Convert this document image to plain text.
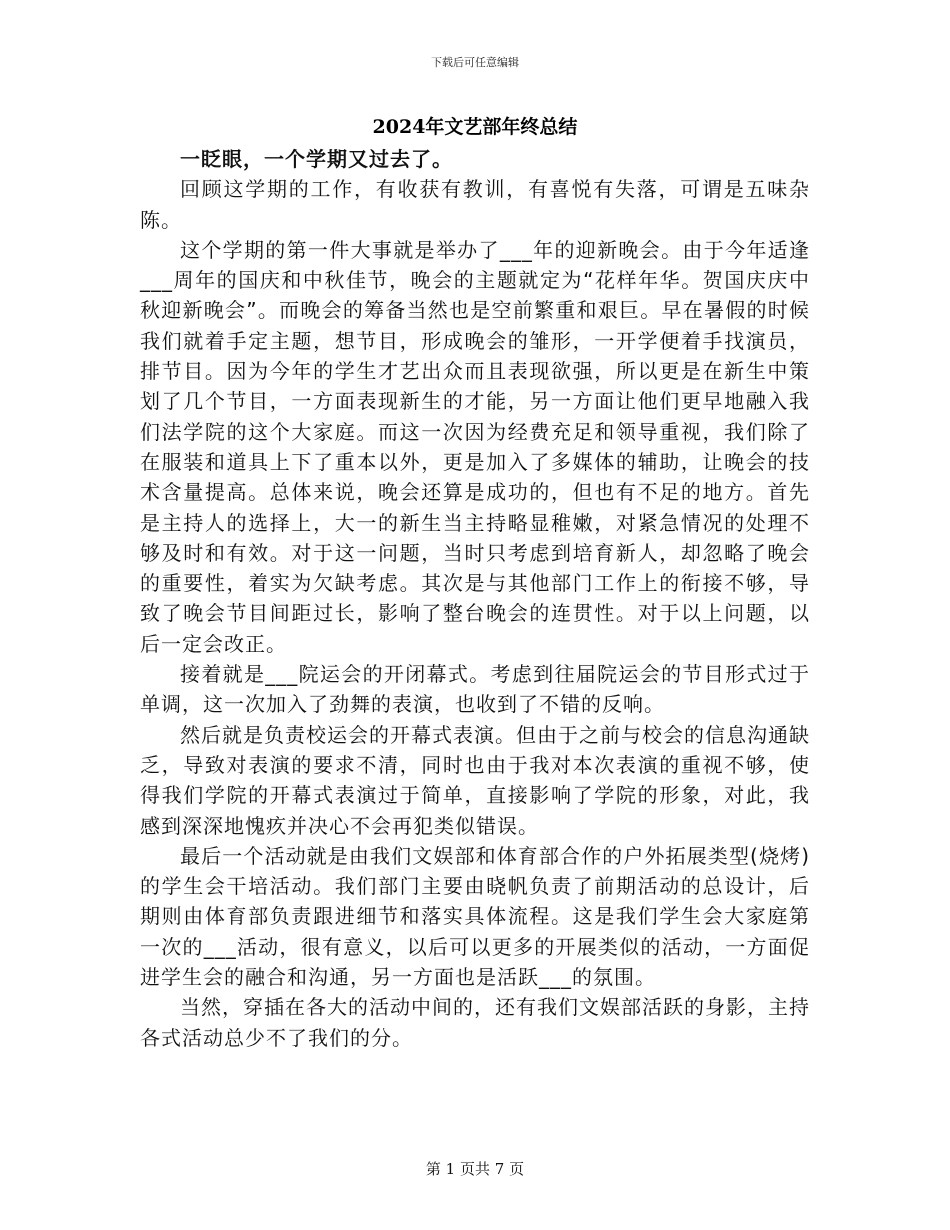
下载后可任意编辑
2024年文艺部年终总结

一眨眼，一个学期又过去了。

回顾这学期的工作，有收获有教训，有喜悦有失落，可谓是五味杂陈。

这个学期的第一件大事就是举办了___年的迎新晚会。由于今年适逢___周年的国庆和中秋佳节，晚会的主题就定为“花样年华。贺国庆庆中秋迎新晚会”。而晚会的筹备当然也是空前繁重和艰巨。早在暑假的时候我们就着手定主题，想节目，形成晚会的雏形，一开学便着手找演员，排节目。因为今年的学生才艺出众而且表现欲强，所以更是在新生中策划了几个节目，一方面表现新生的才能，另一方面让他们更早地融入我们法学院的这个大家庭。而这一次因为经费充足和领导重视，我们除了在服装和道具上下了重本以外，更是加入了多媒体的辅助，让晚会的技术含量提高。总体来说，晚会还算是成功的，但也有不足的地方。首先是主持人的选择上，大一的新生当主持略显稚嫩，对紧急情况的处理不够及时和有效。对于这一问题，当时只考虑到培育新人，却忽略了晚会的重要性，着实为欠缺考虑。其次是与其他部门工作上的衔接不够，导致了晚会节目间距过长，影响了整台晚会的连贯性。对于以上问题，以后一定会改正。

接着就是___院运会的开闭幕式。考虑到往届院运会的节目形式过于单调，这一次加入了劲舞的表演，也收到了不错的反响。

然后就是负责校运会的开幕式表演。但由于之前与校会的信息沟通缺乏，导致对表演的要求不清，同时也由于我对本次表演的重视不够，使得我们学院的开幕式表演过于简单，直接影响了学院的形象，对此，我感到深深地愧疚并决心不会再犯类似错误。

最后一个活动就是由我们文娱部和体育部合作的户外拓展类型(烧烤)的学生会干培活动。我们部门主要由晓帆负责了前期活动的总设计，后期则由体育部负责跟进细节和落实具体流程。这是我们学生会大家庭第一次的___活动，很有意义，以后可以更多的开展类似的活动，一方面促进学生会的融合和沟通，另一方面也是活跃___的氛围。

当然，穿插在各大的活动中间的，还有我们文娱部活跃的身影，主持各式活动总少不了我们的分。

第 1 页共 7 页
